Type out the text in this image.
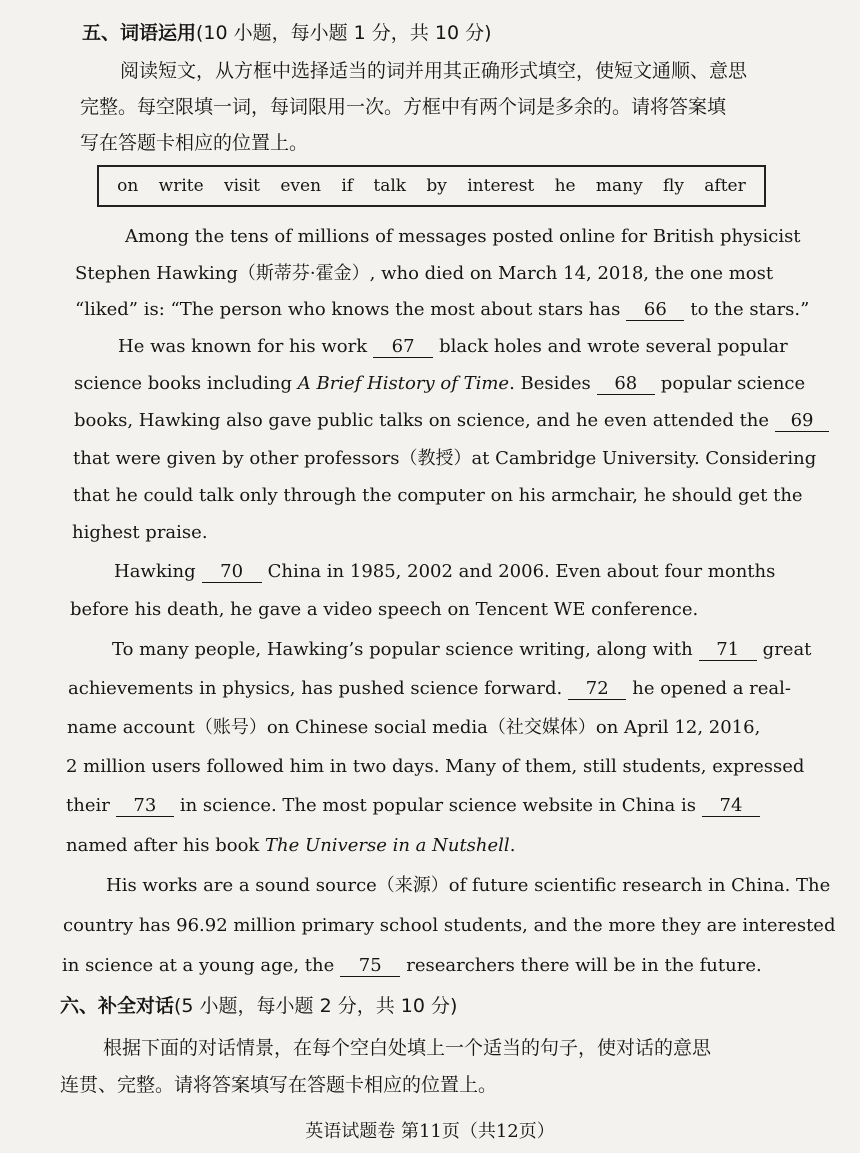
五、词语运用(10 小题，每小题 1 分，共 10 分)
阅读短文，从方框中选择适当的词并用其正确形式填空，使短文通顺、意思
完整。每空限填一词，每词限用一次。方框中有两个词是多余的。请将答案填
写在答题卡相应的位置上。
on write visit even if talk by interest he many fly after
Among the tens of millions of messages posted online for British physicist
Stephen Hawking（斯蒂芬·霍金）, who died on March 14, 2018, the one most
“liked” is: “The person who knows the most about stars has 66 to the stars.”
He was known for his work 67 black holes and wrote several popular
science books including A Brief History of Time. Besides 68 popular science
books, Hawking also gave public talks on science, and he even attended the 69
that were given by other professors（教授）at Cambridge University. Considering
that he could talk only through the computer on his armchair, he should get the
highest praise.
Hawking 70 China in 1985, 2002 and 2006. Even about four months
before his death, he gave a video speech on Tencent WE conference.
To many people, Hawking’s popular science writing, along with 71 great
achievements in physics, has pushed science forward. 72 he opened a real-
name account（账号）on Chinese social media（社交媒体）on April 12, 2016,
2 million users followed him in two days. Many of them, still students, expressed
their 73 in science. The most popular science website in China is 74
named after his book The Universe in a Nutshell.
His works are a sound source（来源）of future scientific research in China. The
country has 96.92 million primary school students, and the more they are interested
in science at a young age, the 75 researchers there will be in the future.
六、补全对话(5 小题，每小题 2 分，共 10 分)
根据下面的对话情景，在每个空白处填上一个适当的句子，使对话的意思
连贯、完整。请将答案填写在答题卡相应的位置上。
英语试题卷 第11页（共12页）
